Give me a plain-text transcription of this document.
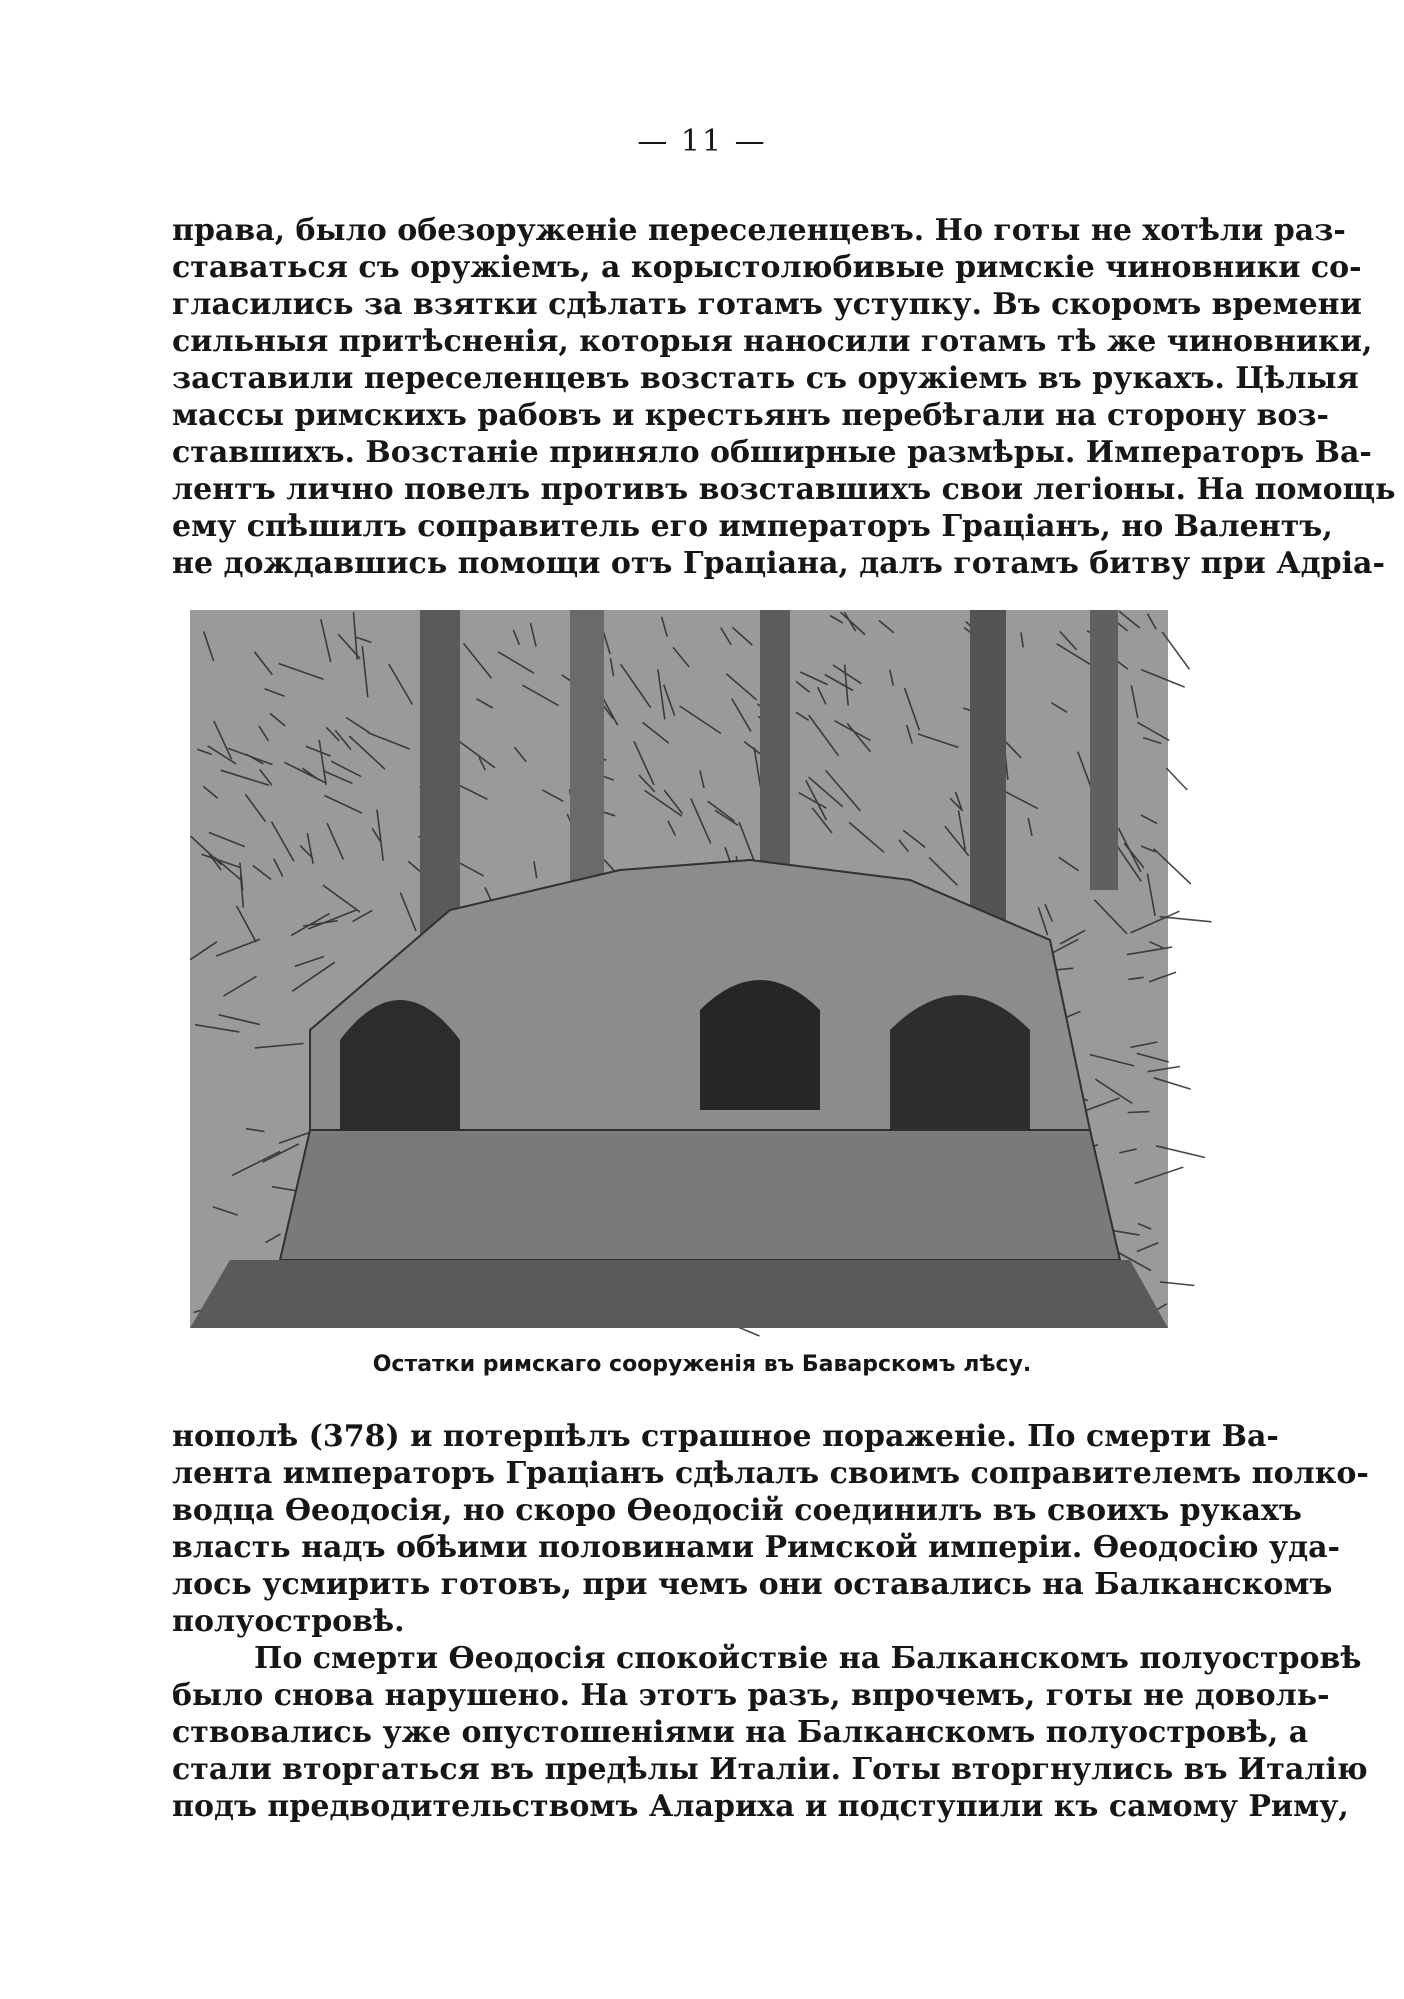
— 11 —
права, было обезоруженіе переселенцевъ. Но готы не хотѣли раз-
ставаться съ оружіемъ, а корыстолюбивые римскіе чиновники со-
гласились за взятки сдѣлать готамъ уступку. Въ скоромъ времени
сильныя притѣсненія, которыя наносили готамъ тѣ же чиновники,
заставили переселенцевъ возстать съ оружіемъ въ рукахъ. Цѣлыя
массы римскихъ рабовъ и крестьянъ перебѣгали на сторону воз-
ставшихъ. Возстаніе приняло обширные размѣры. Императоръ Ва-
лентъ лично повелъ противъ возставшихъ свои легіоны. На помощь
ему спѣшилъ соправитель его императоръ Граціанъ, но Валентъ,
не дождавшись помощи отъ Граціана, далъ готамъ битву при Адріа-
Остатки римскаго сооруженія въ Баварскомъ лѣсу.
нополѣ (378) и потерпѣлъ страшное пораженіе. По смерти Ва-
лента императоръ Граціанъ сдѣлалъ своимъ соправителемъ полко-
водца Ѳеодосія, но скоро Ѳеодосій соединилъ въ своихъ рукахъ
власть надъ обѣими половинами Римской имперіи. Ѳеодосію уда-
лось усмирить готовъ, при чемъ они оставались на Балканскомъ
полуостровѣ.
По смерти Ѳеодосія спокойствіе на Балканскомъ полуостровѣ
было снова нарушено. На этотъ разъ, впрочемъ, готы не доволь-
ствовались уже опустошеніями на Балканскомъ полуостровѣ, а
стали вторгаться въ предѣлы Италіи. Готы вторгнулись въ Италію
подъ предводительствомъ Алариха и подступили къ самому Риму,
